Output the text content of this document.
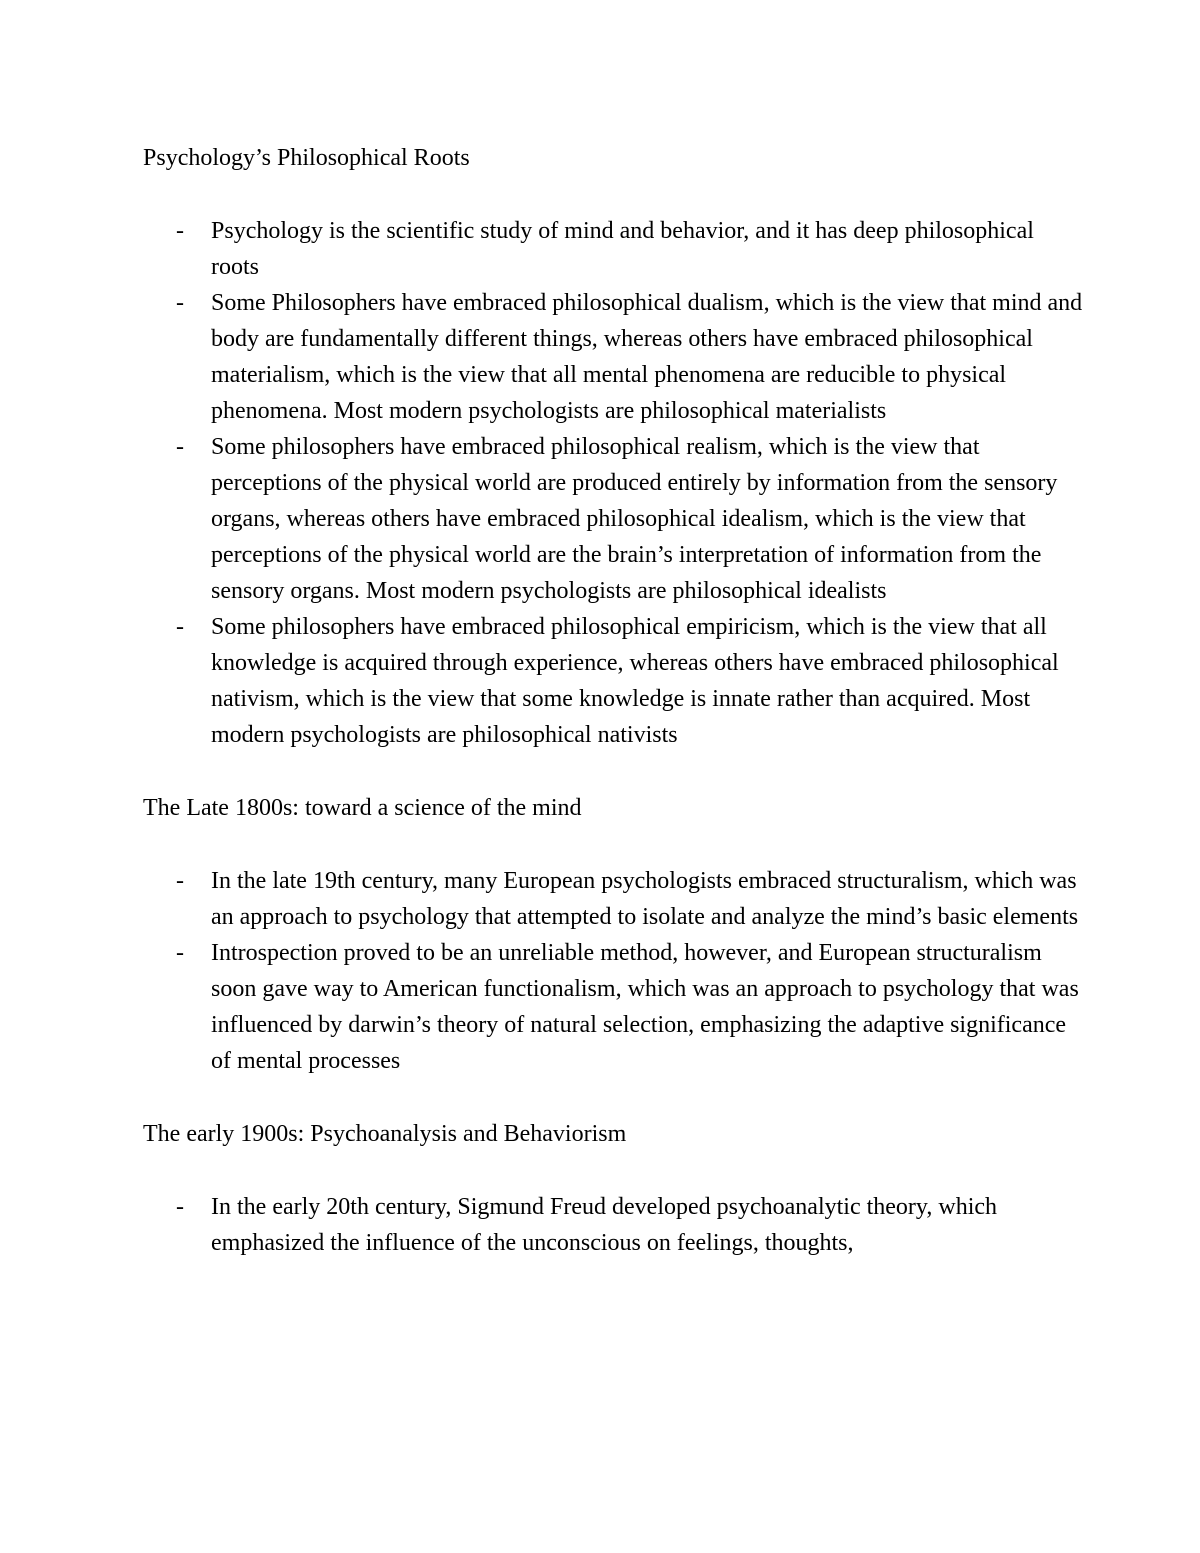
Psychology’s Philosophical Roots
- Psychology is the scientific study of mind and behavior, and it has deep philosophical roots
- Some Philosophers have embraced philosophical dualism, which is the view that mind and body are fundamentally different things, whereas others have embraced philosophical materialism, which is the view that all mental phenomena are reducible to physical phenomena. Most modern psychologists are philosophical materialists
- Some philosophers have embraced philosophical realism, which is the view that perceptions of the physical world are produced entirely by information from the sensory organs, whereas others have embraced philosophical idealism, which is the view that perceptions of the physical world are the brain’s interpretation of information from the sensory organs. Most modern psychologists are philosophical idealists
- Some philosophers have embraced philosophical empiricism, which is the view that all knowledge is acquired through experience, whereas others have embraced philosophical nativism, which is the view that some knowledge is innate rather than acquired. Most modern psychologists are philosophical nativists
The Late 1800s: toward a science of the mind
- In the late 19th century, many European psychologists embraced structuralism, which was an approach to psychology that attempted to isolate and analyze the mind’s basic elements
- Introspection proved to be an unreliable method, however, and European structuralism soon gave way to American functionalism, which was an approach to psychology that was influenced by darwin’s theory of natural selection, emphasizing the adaptive significance of mental processes
The early 1900s: Psychoanalysis and Behaviorism
- In the early 20th century, Sigmund Freud developed psychoanalytic theory, which emphasized the influence of the unconscious on feelings, thoughts,
